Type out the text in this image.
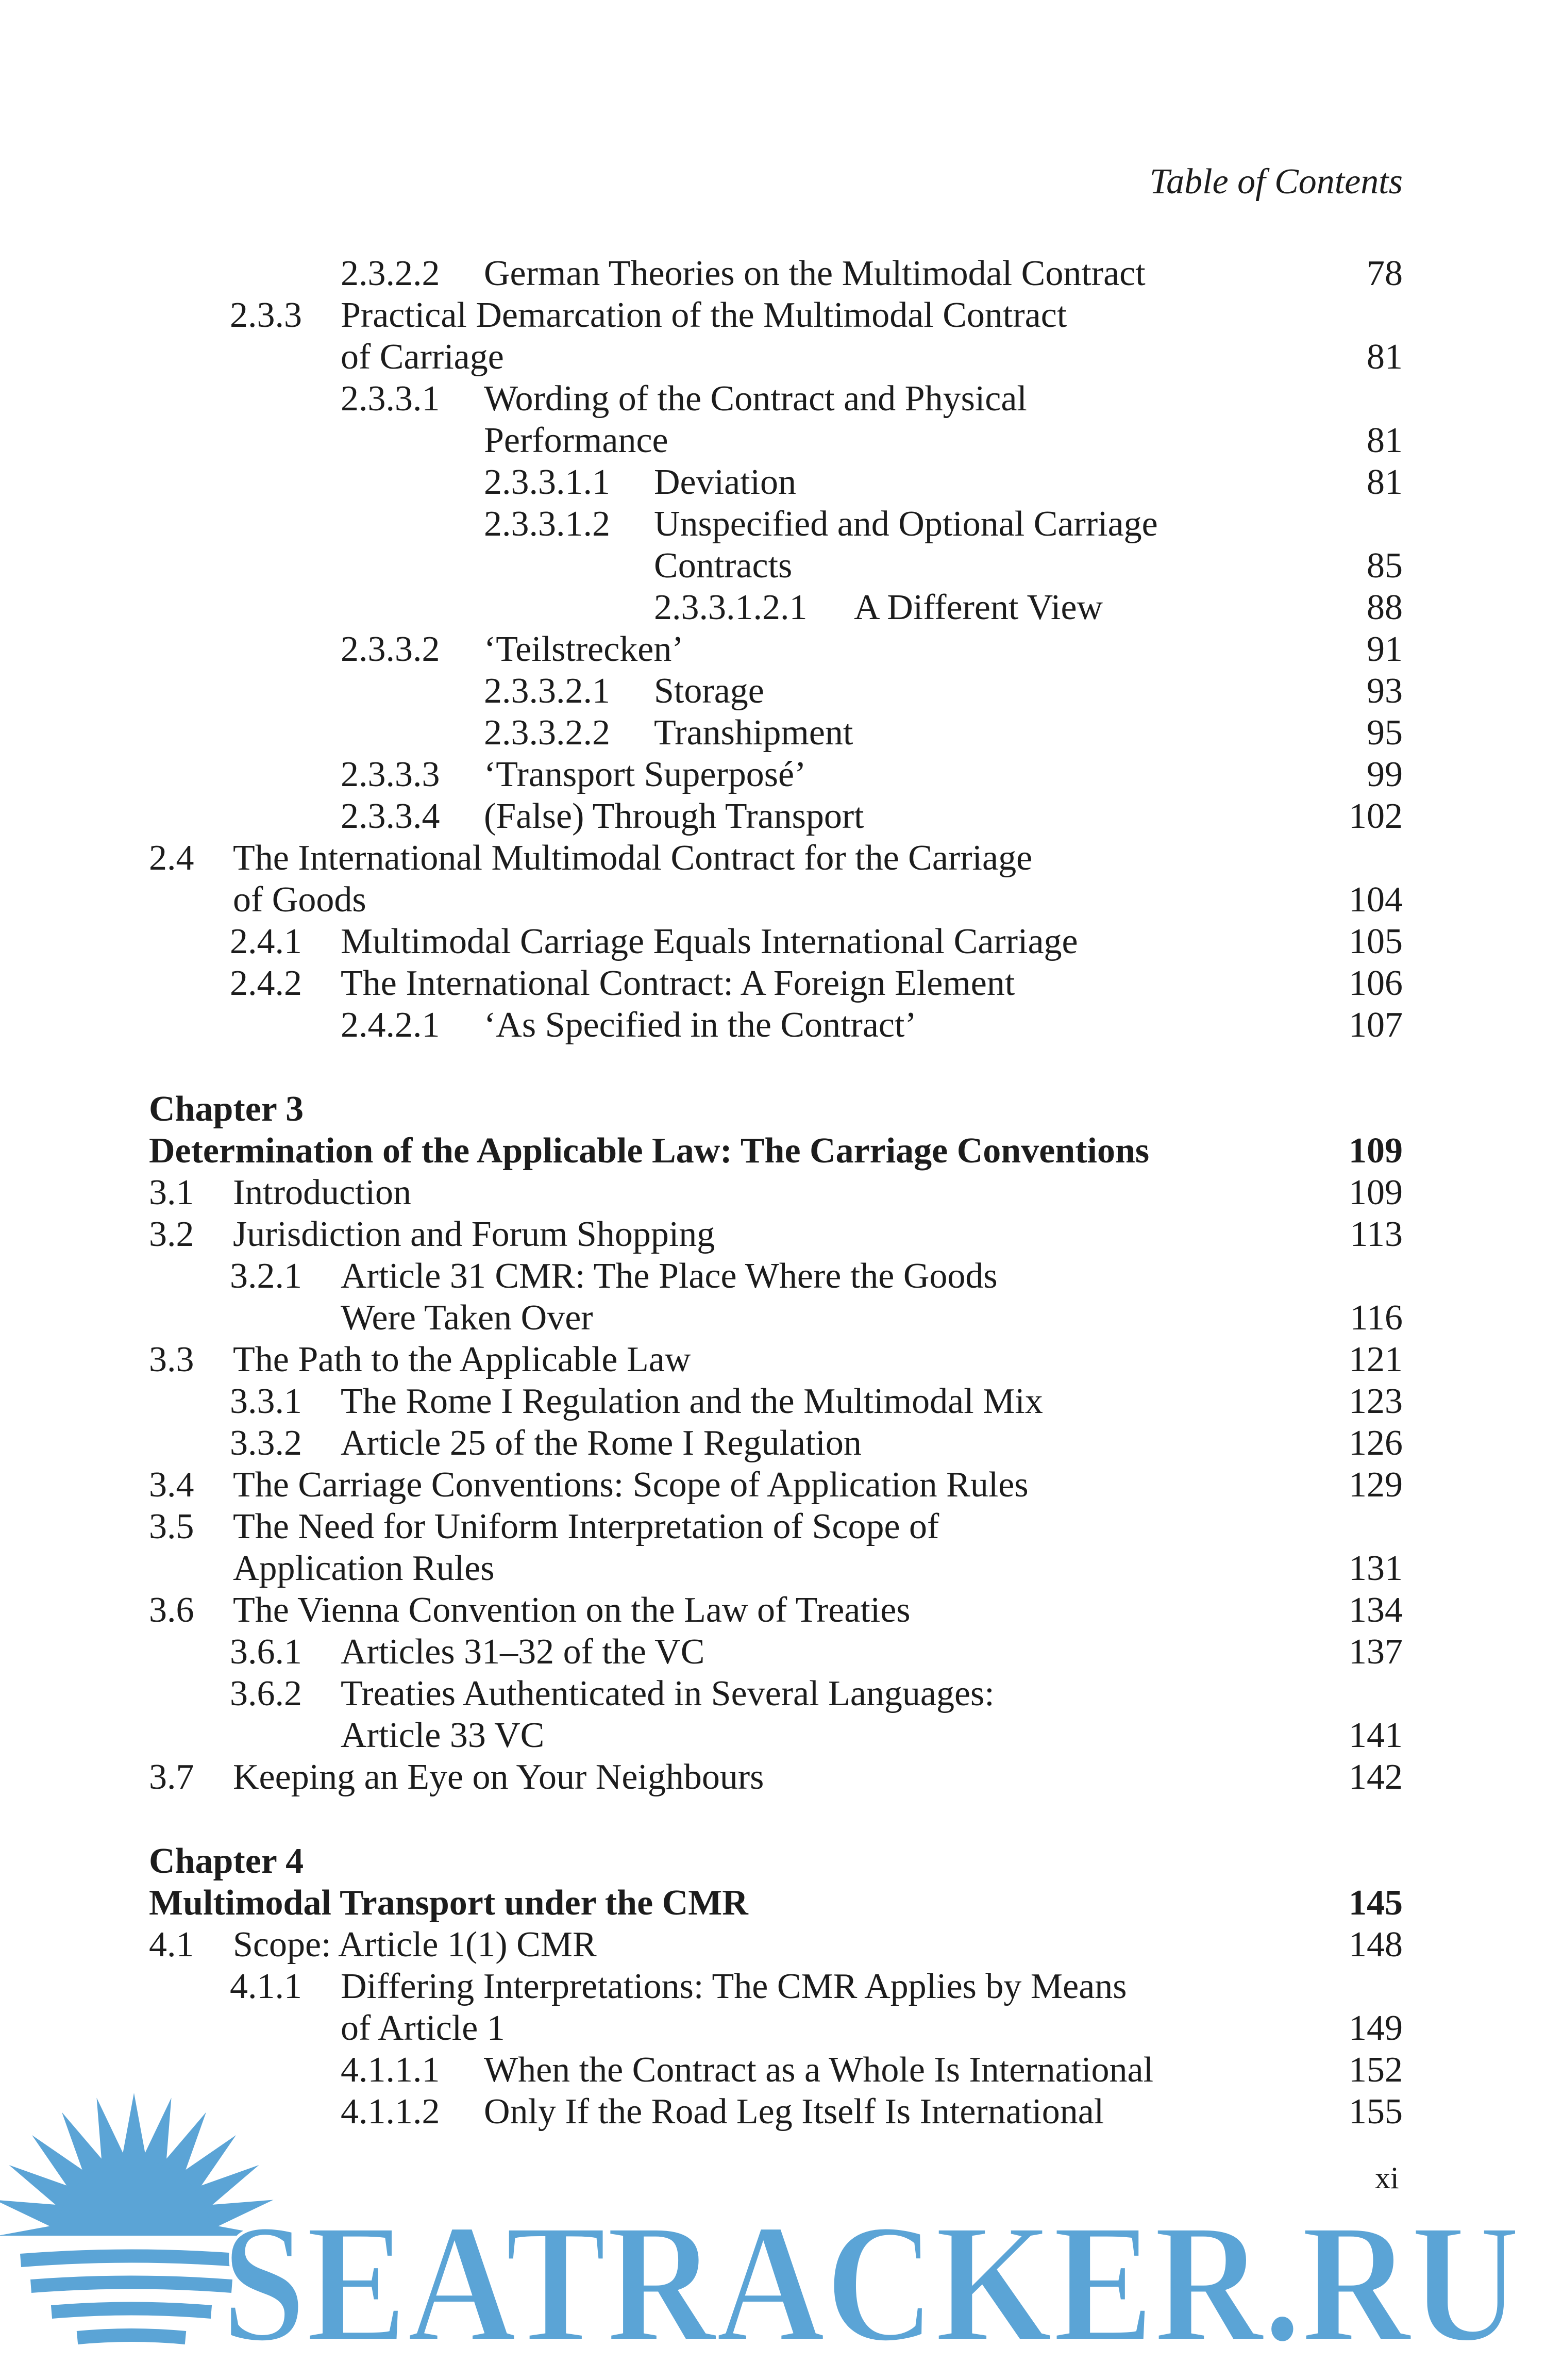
Table of Contents
2.3.2.2 German Theories on the Multimodal Contract	78
2.3.3 Practical Demarcation of the Multimodal Contract
of Carriage	81
2.3.3.1 Wording of the Contract and Physical
Performance	81
2.3.3.1.1 Deviation	81
2.3.3.1.2 Unspecified and Optional Carriage
Contracts	85
2.3.3.1.2.1 A Different View	88
2.3.3.2 ‘Teilstrecken’	91
2.3.3.2.1 Storage	93
2.3.3.2.2 Transhipment	95
2.3.3.3 ‘Transport Superposé’	99
2.3.3.4 (False) Through Transport	102
2.4 The International Multimodal Contract for the Carriage
of Goods	104
2.4.1 Multimodal Carriage Equals International Carriage	105
2.4.2 The International Contract: A Foreign Element	106
2.4.2.1 ‘As Specified in the Contract’	107
Chapter 3
Determination of the Applicable Law: The Carriage Conventions	109
3.1 Introduction	109
3.2 Jurisdiction and Forum Shopping	113
3.2.1 Article 31 CMR: The Place Where the Goods
Were Taken Over	116
3.3 The Path to the Applicable Law	121
3.3.1 The Rome I Regulation and the Multimodal Mix	123
3.3.2 Article 25 of the Rome I Regulation	126
3.4 The Carriage Conventions: Scope of Application Rules	129
3.5 The Need for Uniform Interpretation of Scope of
Application Rules	131
3.6 The Vienna Convention on the Law of Treaties	134
3.6.1 Articles 31–32 of the VC	137
3.6.2 Treaties Authenticated in Several Languages:
Article 33 VC	141
3.7 Keeping an Eye on Your Neighbours	142
Chapter 4
Multimodal Transport under the CMR	145
4.1 Scope: Article 1(1) CMR	148
4.1.1 Differing Interpretations: The CMR Applies by Means
of Article 1	149
4.1.1.1 When the Contract as a Whole Is International	152
4.1.1.2 Only If the Road Leg Itself Is International	155
SEATRACKER.RU
xi
